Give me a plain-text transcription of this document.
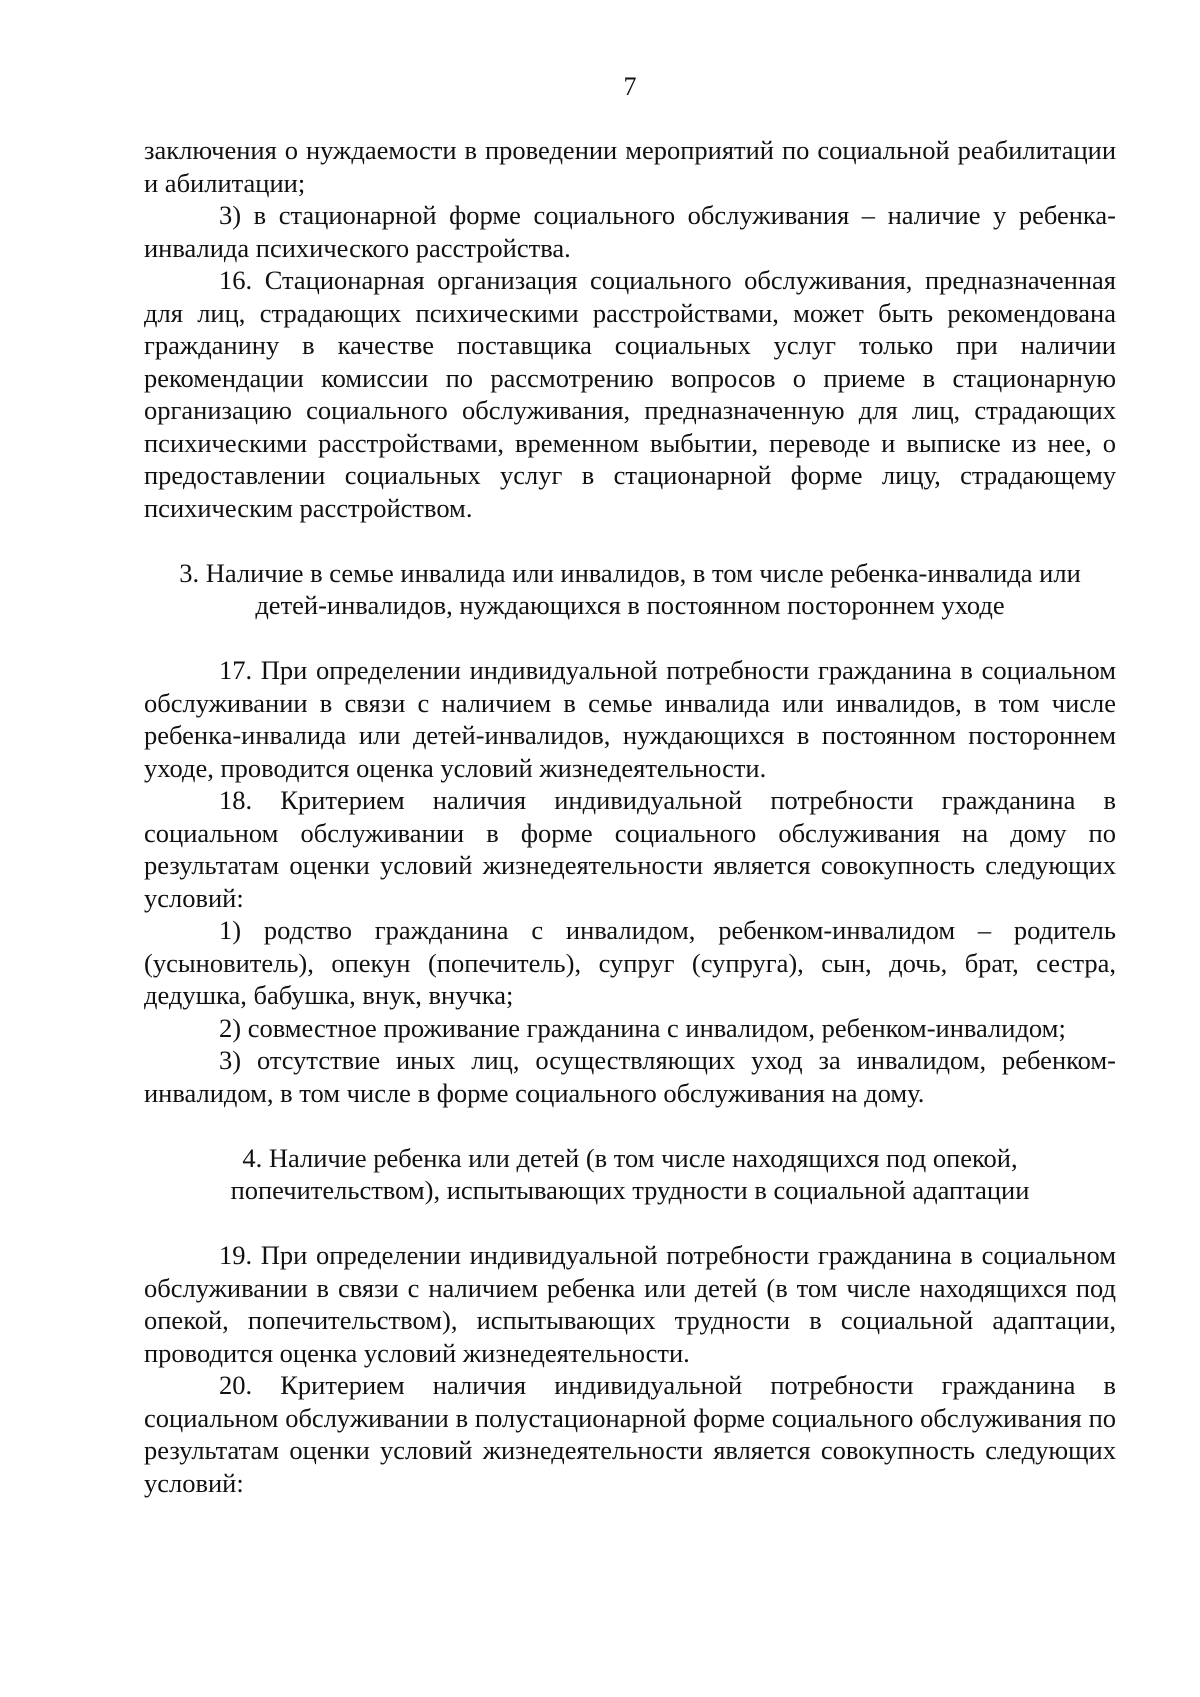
7

заключения о нуждаемости в проведении мероприятий по социальной реабилитации и абилитации;

3) в стационарной форме социального обслуживания – наличие у ребенка-инвалида психического расстройства.

16. Стационарная организация социального обслуживания, предназначенная для лиц, страдающих психическими расстройствами, может быть рекомендована гражданину в качестве поставщика социальных услуг только при наличии рекомендации комиссии по рассмотрению вопросов о приеме в стационарную организацию социального обслуживания, предназначенную для лиц, страдающих психическими расстройствами, временном выбытии, переводе и выписке из нее, о предоставлении социальных услуг в стационарной форме лицу, страдающему психическим расстройством.

3. Наличие в семье инвалида или инвалидов, в том числе ребенка-инвалида или
детей-инвалидов, нуждающихся в постоянном постороннем уходе

17. При определении индивидуальной потребности гражданина в социальном обслуживании в связи с наличием в семье инвалида или инвалидов, в том числе ребенка-инвалида или детей-инвалидов, нуждающихся в постоянном постороннем уходе, проводится оценка условий жизнедеятельности.

18. Критерием наличия индивидуальной потребности гражданина в социальном обслуживании в форме социального обслуживания на дому по результатам оценки условий жизнедеятельности является совокупность следующих условий:

1) родство гражданина с инвалидом, ребенком-инвалидом – родитель (усыновитель), опекун (попечитель), супруг (супруга), сын, дочь, брат, сестра, дедушка, бабушка, внук, внучка;

2) совместное проживание гражданина с инвалидом, ребенком-инвалидом;

3) отсутствие иных лиц, осуществляющих уход за инвалидом, ребенком-инвалидом, в том числе в форме социального обслуживания на дому.

4. Наличие ребенка или детей (в том числе находящихся под опекой,
попечительством), испытывающих трудности в социальной адаптации

19. При определении индивидуальной потребности гражданина в социальном обслуживании в связи с наличием ребенка или детей (в том числе находящихся под опекой, попечительством), испытывающих трудности в социальной адаптации, проводится оценка условий жизнедеятельности.

20. Критерием наличия индивидуальной потребности гражданина в социальном обслуживании в полустационарной форме социального обслуживания по результатам оценки условий жизнедеятельности является совокупность следующих условий:
